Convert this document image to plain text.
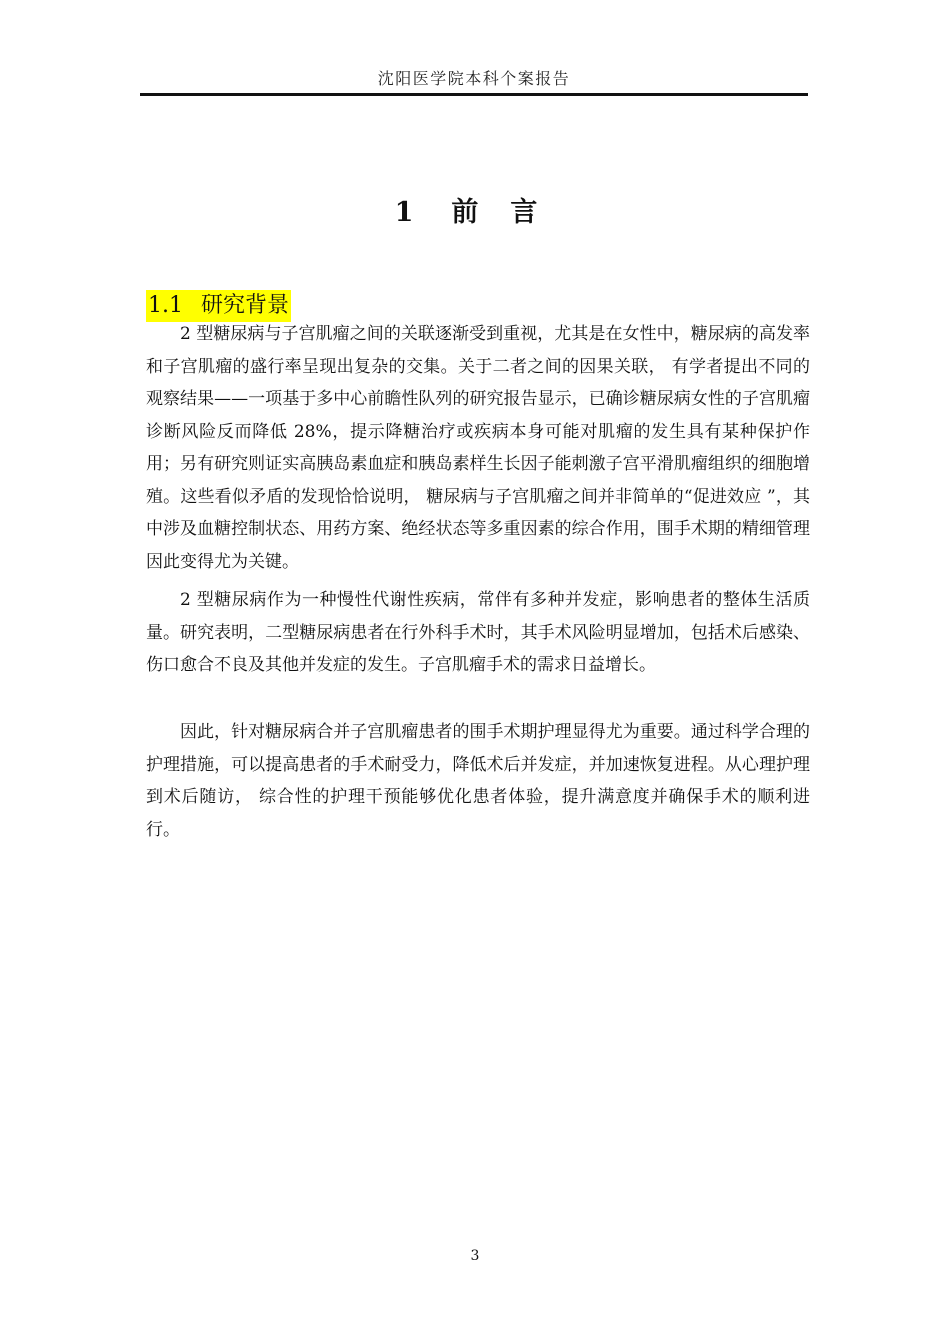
沈阳医学院本科个案报告
1 前 言
1.1 研究背景

2 型糖尿病与子宫肌瘤之间的关联逐渐受到重视，尤其是在女性中，糖尿病的高发率和子宫肌瘤的盛行率呈现出复杂的交集。关于二者之间的因果关联， 有学者提出不同的观察结果——一项基于多中心前瞻性队列的研究报告显示，已确诊糖尿病女性的子宫肌瘤诊断风险反而降低 28%，提示降糖治疗或疾病本身可能对肌瘤的发生具有某种保护作用；另有研究则证实高胰岛素血症和胰岛素样生长因子能刺激子宫平滑肌瘤组织的细胞增殖。这些看似矛盾的发现恰恰说明， 糖尿病与子宫肌瘤之间并非简单的“促进效应 ”，其中涉及血糖控制状态、用药方案、绝经状态等多重因素的综合作用，围手术期的精细管理因此变得尤为关键。

2 型糖尿病作为一种慢性代谢性疾病，常伴有多种并发症，影响患者的整体生活质量。研究表明，二型糖尿病患者在行外科手术时，其手术风险明显增加，包括术后感染、伤口愈合不良及其他并发症的发生。子宫肌瘤手术的需求日益增长。

因此，针对糖尿病合并子宫肌瘤患者的围手术期护理显得尤为重要。通过科学合理的护理措施，可以提高患者的手术耐受力，降低术后并发症，并加速恢复进程。从心理护理到术后随访， 综合性的护理干预能够优化患者体验，提升满意度并确保手术的顺利进行。

3
